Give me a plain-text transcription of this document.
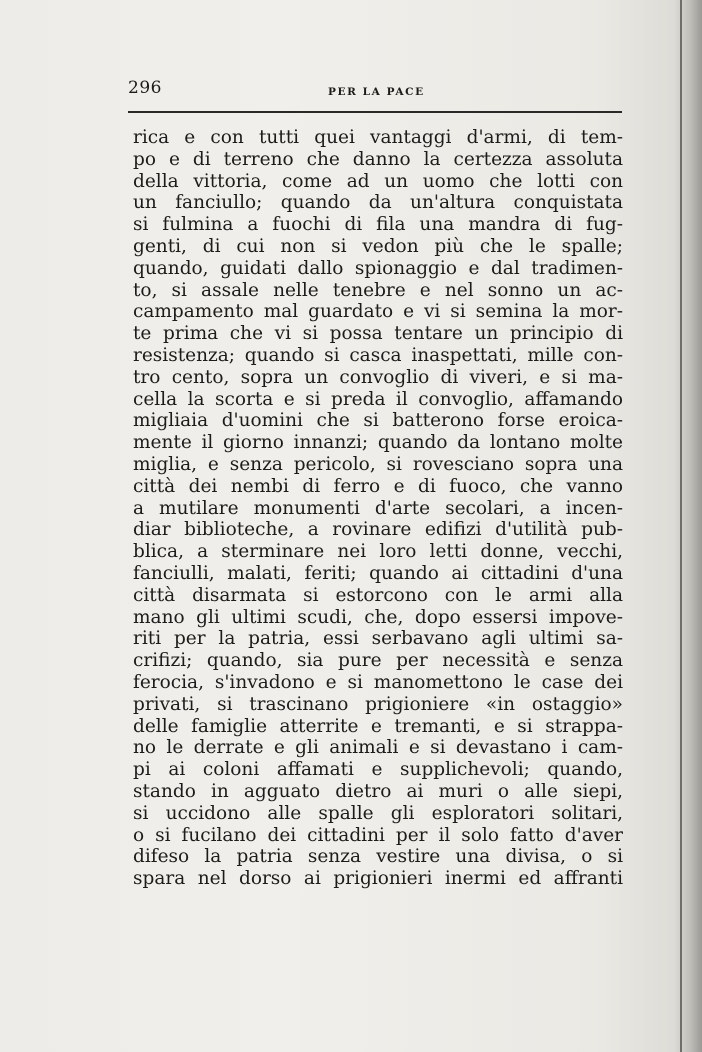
296	PER LA PACE
rica e con tutti quei vantaggi d'armi, di tem-
po e di terreno che danno la certezza assoluta
della vittoria, come ad un uomo che lotti con
un fanciullo; quando da un'altura conquistata
si fulmina a fuochi di fila una mandra di fug-
genti, di cui non si vedon più che le spalle;
quando, guidati dallo spionaggio e dal tradimen-
to, si assale nelle tenebre e nel sonno un ac-
campamento mal guardato e vi si semina la mor-
te prima che vi si possa tentare un principio di
resistenza; quando si casca inaspettati, mille con-
tro cento, sopra un convoglio di viveri, e si ma-
cella la scorta e si preda il convoglio, affamando
migliaia d'uomini che si batterono forse eroica-
mente il giorno innanzi; quando da lontano molte
miglia, e senza pericolo, si rovesciano sopra una
città dei nembi di ferro e di fuoco, che vanno
a mutilare monumenti d'arte secolari, a incen-
diar biblioteche, a rovinare edifizi d'utilità pub-
blica, a sterminare nei loro letti donne, vecchi,
fanciulli, malati, feriti; quando ai cittadini d'una
città disarmata si estorcono con le armi alla
mano gli ultimi scudi, che, dopo essersi impove-
riti per la patria, essi serbavano agli ultimi sa-
crifizi; quando, sia pure per necessità e senza
ferocia, s'invadono e si manomettono le case dei
privati, si trascinano prigioniere «in ostaggio»
delle famiglie atterrite e tremanti, e si strappa-
no le derrate e gli animali e si devastano i cam-
pi ai coloni affamati e supplichevoli; quando,
stando in agguato dietro ai muri o alle siepi,
si uccidono alle spalle gli esploratori solitari,
o si fucilano dei cittadini per il solo fatto d'aver
difeso la patria senza vestire una divisa, o si
spara nel dorso ai prigionieri inermi ed affranti
